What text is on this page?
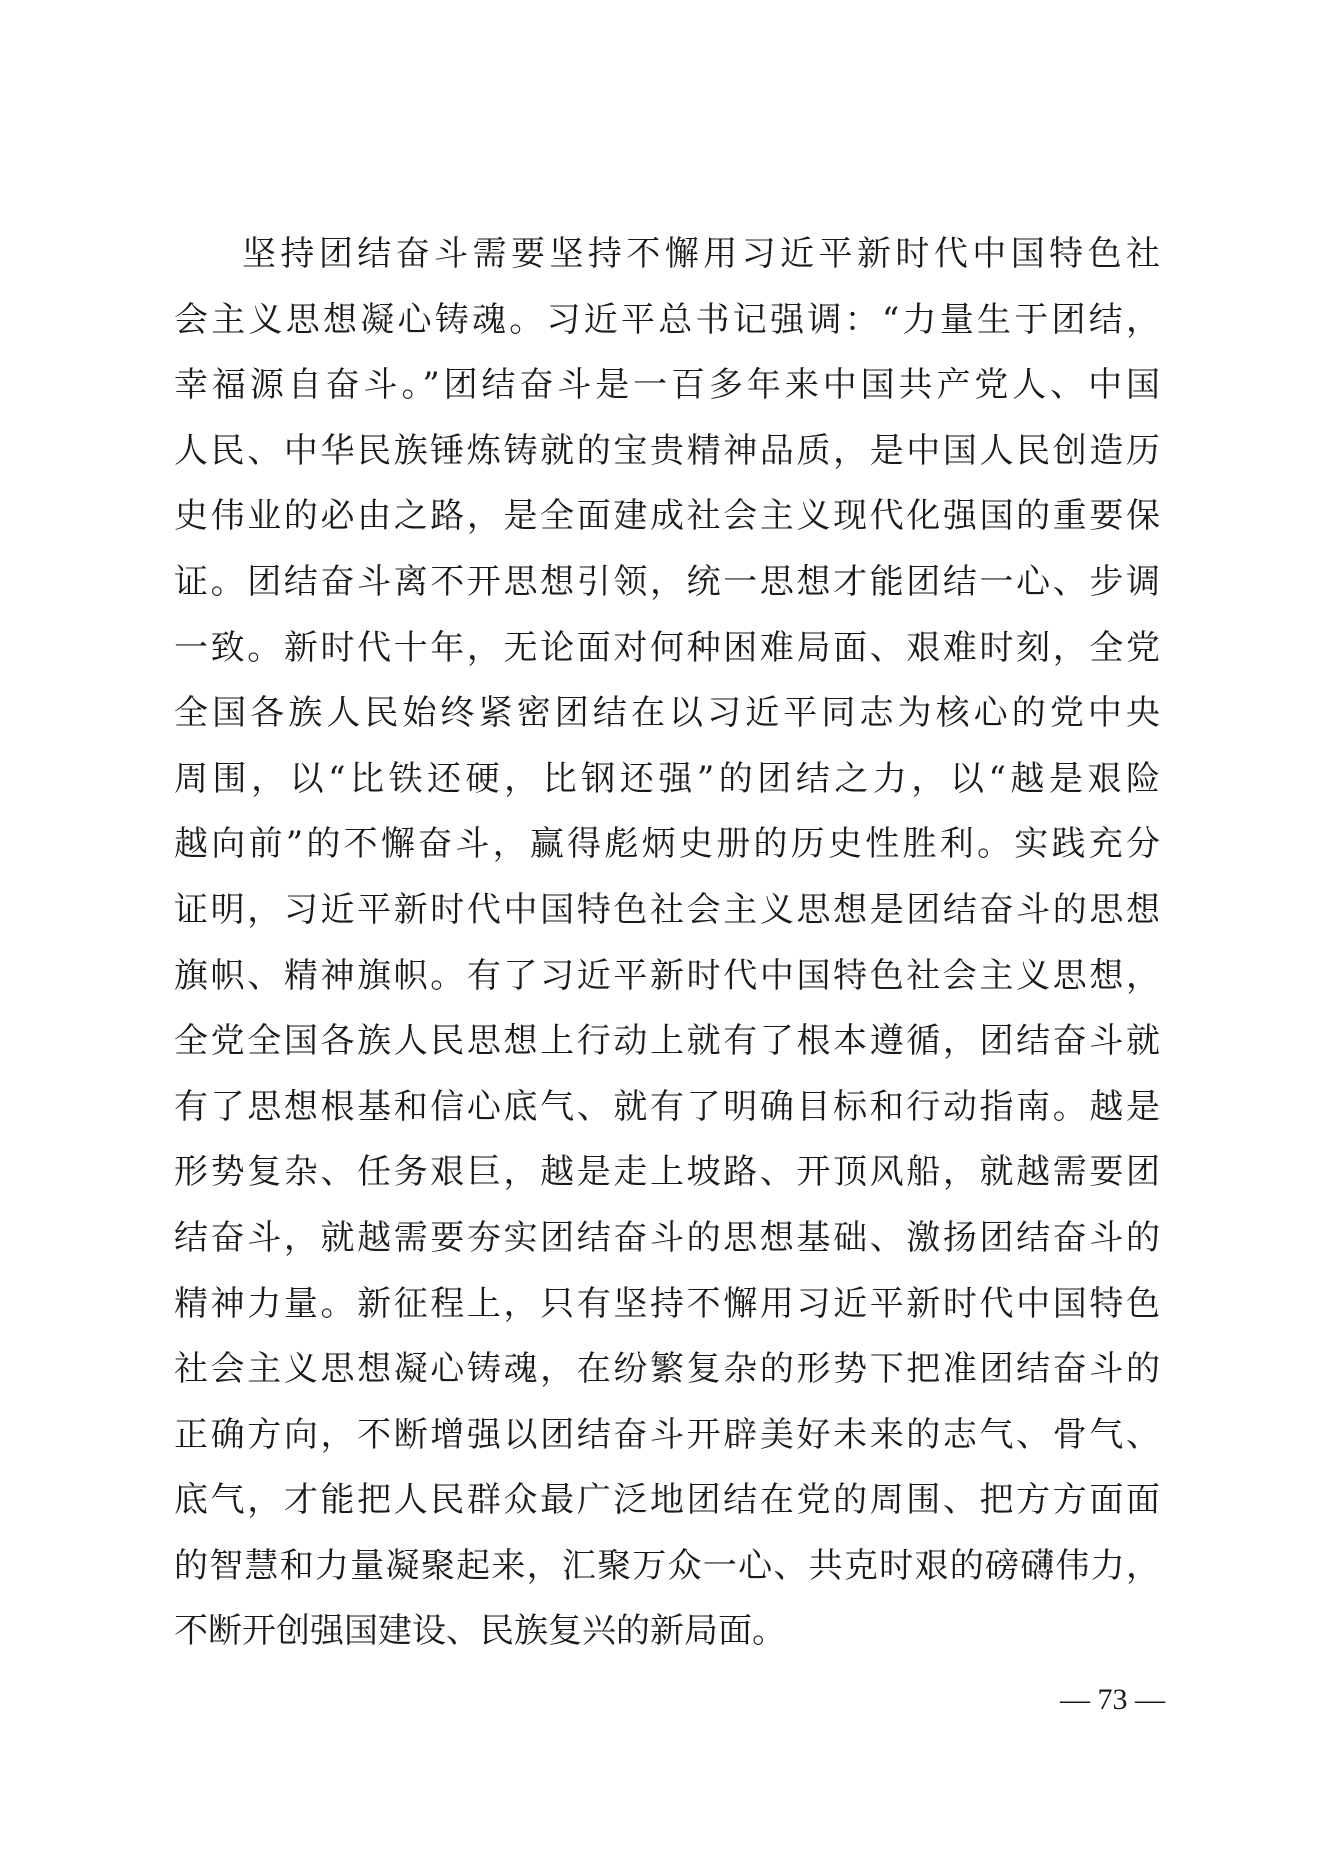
坚持团结奋斗需要坚持不懈用习近平新时代中国特色社
会主义思想凝心铸魂。习近平总书记强调：“力量生于团结，
幸福源自奋斗。”团结奋斗是一百多年来中国共产党人、中国
人民、中华民族锤炼铸就的宝贵精神品质，是中国人民创造历
史伟业的必由之路，是全面建成社会主义现代化强国的重要保
证。团结奋斗离不开思想引领，统一思想才能团结一心、步调
一致。新时代十年，无论面对何种困难局面、艰难时刻，全党
全国各族人民始终紧密团结在以习近平同志为核心的党中央
周围，以“比铁还硬，比钢还强”的团结之力，以“越是艰险
越向前”的不懈奋斗，赢得彪炳史册的历史性胜利。实践充分
证明，习近平新时代中国特色社会主义思想是团结奋斗的思想
旗帜、精神旗帜。有了习近平新时代中国特色社会主义思想，
全党全国各族人民思想上行动上就有了根本遵循，团结奋斗就
有了思想根基和信心底气、就有了明确目标和行动指南。越是
形势复杂、任务艰巨，越是走上坡路、开顶风船，就越需要团
结奋斗，就越需要夯实团结奋斗的思想基础、激扬团结奋斗的
精神力量。新征程上，只有坚持不懈用习近平新时代中国特色
社会主义思想凝心铸魂，在纷繁复杂的形势下把准团结奋斗的
正确方向，不断增强以团结奋斗开辟美好未来的志气、骨气、
底气，才能把人民群众最广泛地团结在党的周围、把方方面面
的智慧和力量凝聚起来，汇聚万众一心、共克时艰的磅礴伟力，
不断开创强国建设、民族复兴的新局面。
— 73 —
